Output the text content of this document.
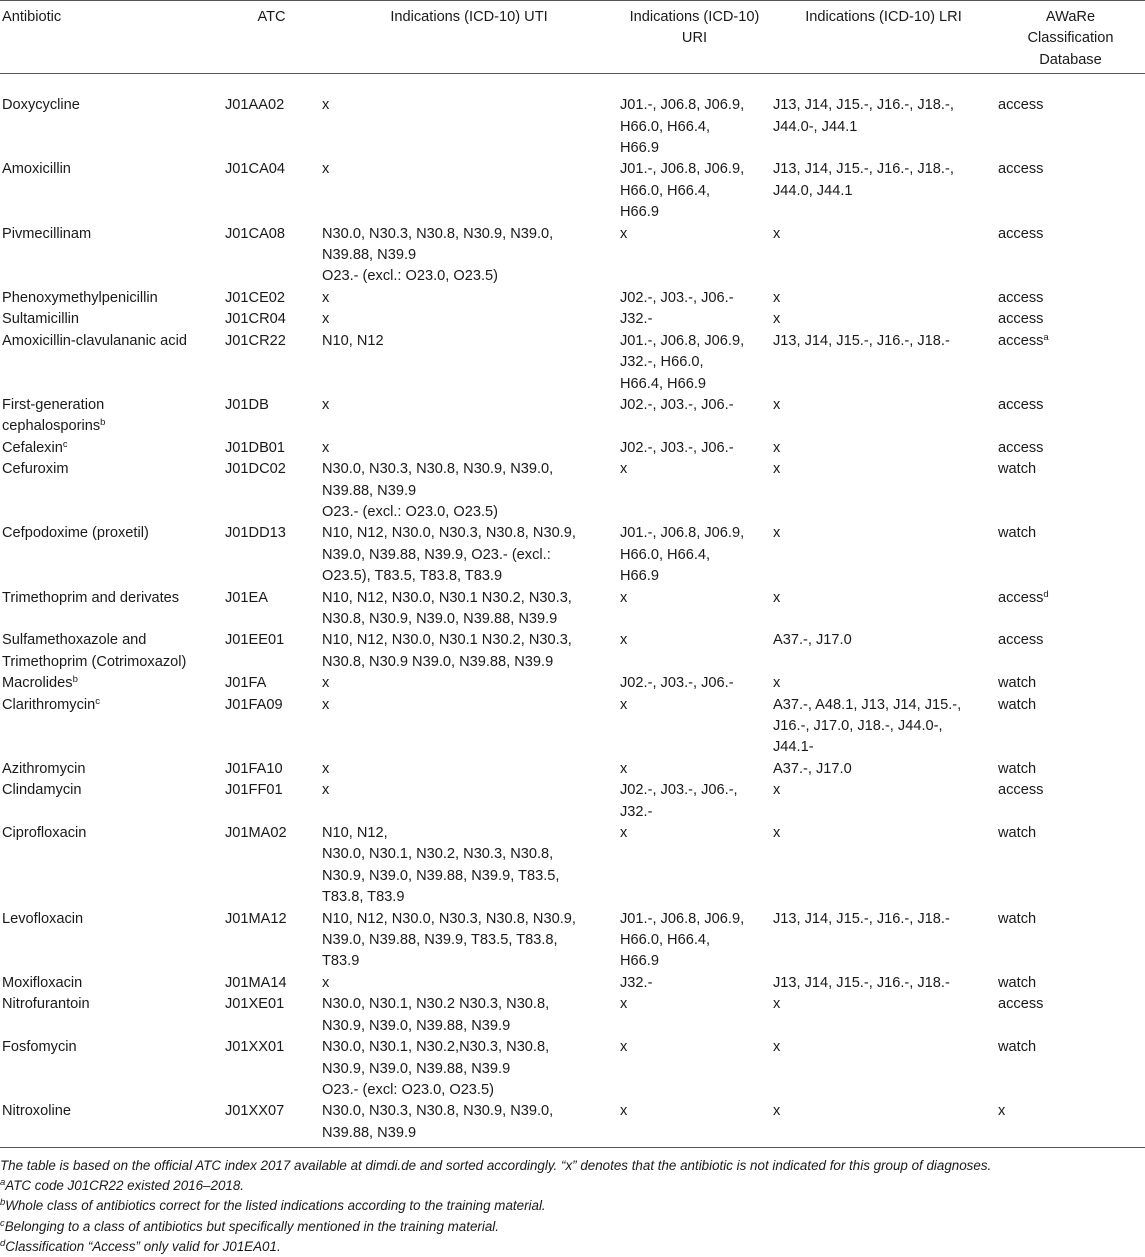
Antibiotic	ATC	Indications (ICD-10) UTI	Indications (ICD-10)
URI	Indications (ICD-10) LRI	AWaRe
Classification
Database

Doxycycline	J01AA02	x	J01.-, J06.8, J06.9,
H66.0, H66.4,
H66.9	J13, J14, J15.-, J16.-, J18.-,
J44.0-, J44.1	access

Amoxicillin	J01CA04	x	J01.-, J06.8, J06.9,
H66.0, H66.4,
H66.9	J13, J14, J15.-, J16.-, J18.-,
J44.0, J44.1	access

Pivmecillinam	J01CA08	N30.0, N30.3, N30.8, N30.9, N39.0,
N39.88, N39.9
O23.- (excl.: O23.0, O23.5)	x	x	access

Phenoxymethylpenicillin	J01CE02	x	J02.-, J03.-, J06.-	x	access

Sultamicillin	J01CR04	x	J32.-	x	access

Amoxicillin-clavulananic acid	J01CR22	N10, N12	J01.-, J06.8, J06.9,
J32.-, H66.0,
H66.4, H66.9	J13, J14, J15.-, J16.-, J18.-	access$^a$

First-generation
cephalosporins$^b$	J01DB	x	J02.-, J03.-, J06.-	x	access

Cefalexin$^c$	J01DB01	x	J02.-, J03.-, J06.-	x	access

Cefuroxim	J01DC02	N30.0, N30.3, N30.8, N30.9, N39.0,
N39.88, N39.9
O23.- (excl.: O23.0, O23.5)	x	x	watch

Cefpodoxime (proxetil)	J01DD13	N10, N12, N30.0, N30.3, N30.8, N30.9,
N39.0, N39.88, N39.9, O23.- (excl.:
O23.5), T83.5, T83.8, T83.9	J01.-, J06.8, J06.9,
H66.0, H66.4,
H66.9	x	watch

Trimethoprim and derivates	J01EA	N10, N12, N30.0, N30.1 N30.2, N30.3,
N30.8, N30.9, N39.0, N39.88, N39.9	x	x	access$^d$

Sulfamethoxazole and
Trimethoprim (Cotrimoxazol)	J01EE01	N10, N12, N30.0, N30.1 N30.2, N30.3,
N30.8, N30.9 N39.0, N39.88, N39.9	x	A37.-, J17.0	access

Macrolides$^b$	J01FA	x	J02.-, J03.-, J06.-	x	watch

Clarithromycin$^c$	J01FA09	x	x	A37.-, A48.1, J13, J14, J15.-,
J16.-, J17.0, J18.-, J44.0-,
J44.1-	watch

Azithromycin	J01FA10	x	x	A37.-, J17.0	watch

Clindamycin	J01FF01	x	J02.-, J03.-, J06.-,
J32.-	x	access

Ciprofloxacin	J01MA02	N10, N12,
N30.0, N30.1, N30.2, N30.3, N30.8,
N30.9, N39.0, N39.88, N39.9, T83.5,
T83.8, T83.9	x	x	watch

Levofloxacin	J01MA12	N10, N12, N30.0, N30.3, N30.8, N30.9,
N39.0, N39.88, N39.9, T83.5, T83.8,
T83.9	J01.-, J06.8, J06.9,
H66.0, H66.4,
H66.9	J13, J14, J15.-, J16.-, J18.-	watch

Moxifloxacin	J01MA14	x	J32.-	J13, J14, J15.-, J16.-, J18.-	watch

Nitrofurantoin	J01XE01	N30.0, N30.1, N30.2 N30.3, N30.8,
N30.9, N39.0, N39.88, N39.9	x	x	access

Fosfomycin	J01XX01	N30.0, N30.1, N30.2,N30.3, N30.8,
N30.9, N39.0, N39.88, N39.9
O23.- (excl: O23.0, O23.5)	x	x	watch

Nitroxoline	J01XX07	N30.0, N30.3, N30.8, N30.9, N39.0,
N39.88, N39.9	x	x	x
The table is based on the official ATC index 2017 available at dimdi.de and sorted accordingly. “x” denotes that the antibiotic is not indicated for this group of diagnoses.
$^a$ATC code J01CR22 existed 2016–2018.
$^b$Whole class of antibiotics correct for the listed indications according to the training material.
$^c$Belonging to a class of antibiotics but specifically mentioned in the training material.
$^d$Classification “Access” only valid for J01EA01.
